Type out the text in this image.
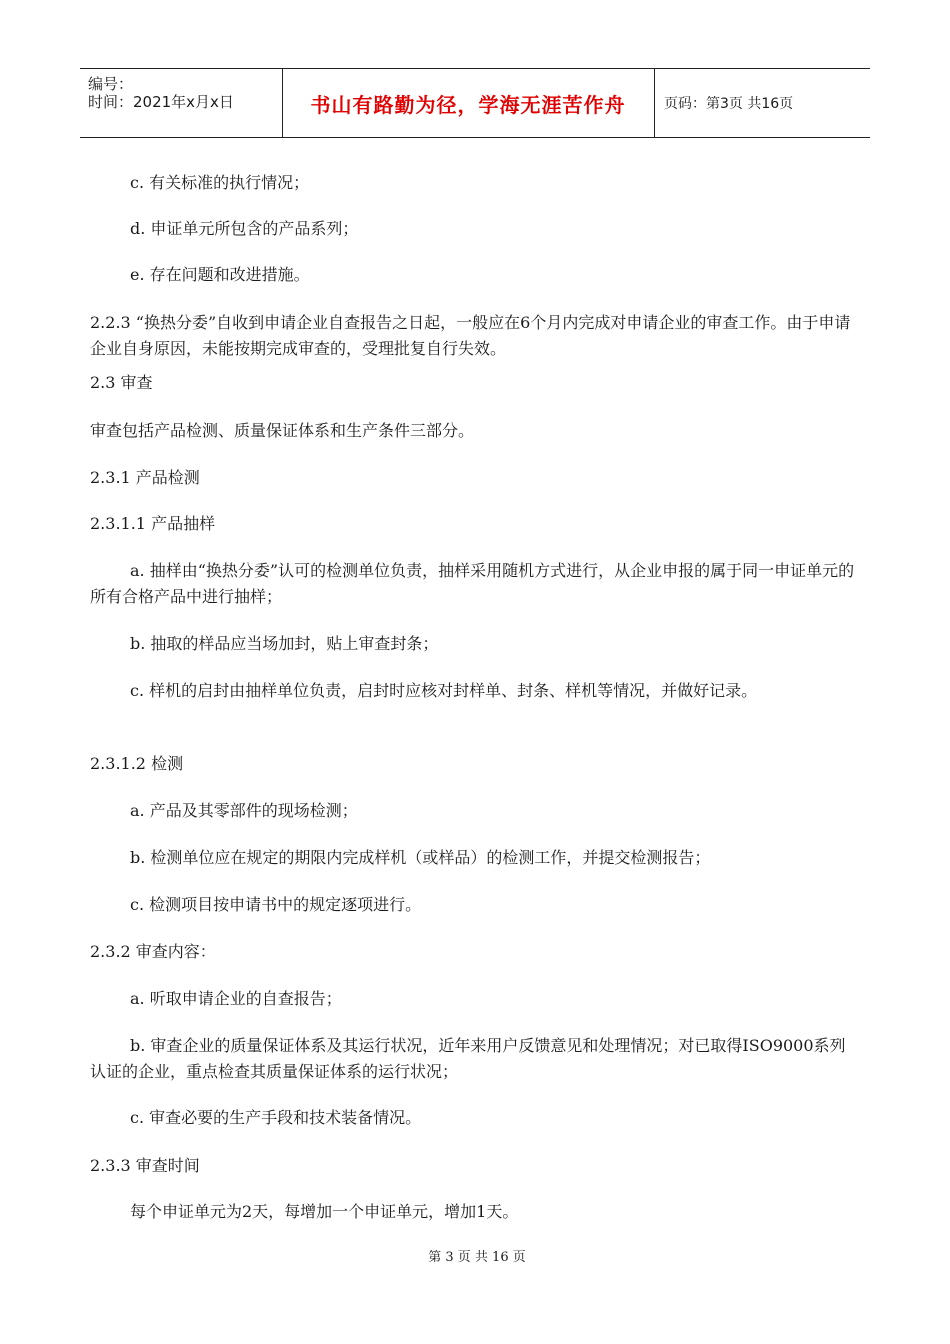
编号：
时间：2021年x月x日	书山有路勤为径，学海无涯苦作舟	页码：第3页 共16页

c. 有关标准的执行情况；

d. 申证单元所包含的产品系列；

e. 存在问题和改进措施。

2.2.3 “换热分委”自收到申请企业自查报告之日起，一般应在6个月内完成对申请企业的审查工作。由于申请企业自身原因，未能按期完成审查的，受理批复自行失效。

2.3 审查

审查包括产品检测、质量保证体系和生产条件三部分。

2.3.1 产品检测

2.3.1.1 产品抽样

a. 抽样由“换热分委”认可的检测单位负责，抽样采用随机方式进行，从企业申报的属于同一申证单元的所有合格产品中进行抽样；

b. 抽取的样品应当场加封，贴上审查封条；

c. 样机的启封由抽样单位负责，启封时应核对封样单、封条、样机等情况，并做好记录。

2.3.1.2 检测

a. 产品及其零部件的现场检测；

b. 检测单位应在规定的期限内完成样机（或样品）的检测工作，并提交检测报告；

c. 检测项目按申请书中的规定逐项进行。

2.3.2 审查内容：

a. 听取申请企业的自查报告；

b. 审查企业的质量保证体系及其运行状况，近年来用户反馈意见和处理情况；对已取得ISO9000系列认证的企业，重点检查其质量保证体系的运行状况；

c. 审查必要的生产手段和技术装备情况。

2.3.3 审查时间

每个申证单元为2天，每增加一个申证单元，增加1天。

第 3 页 共 16 页
